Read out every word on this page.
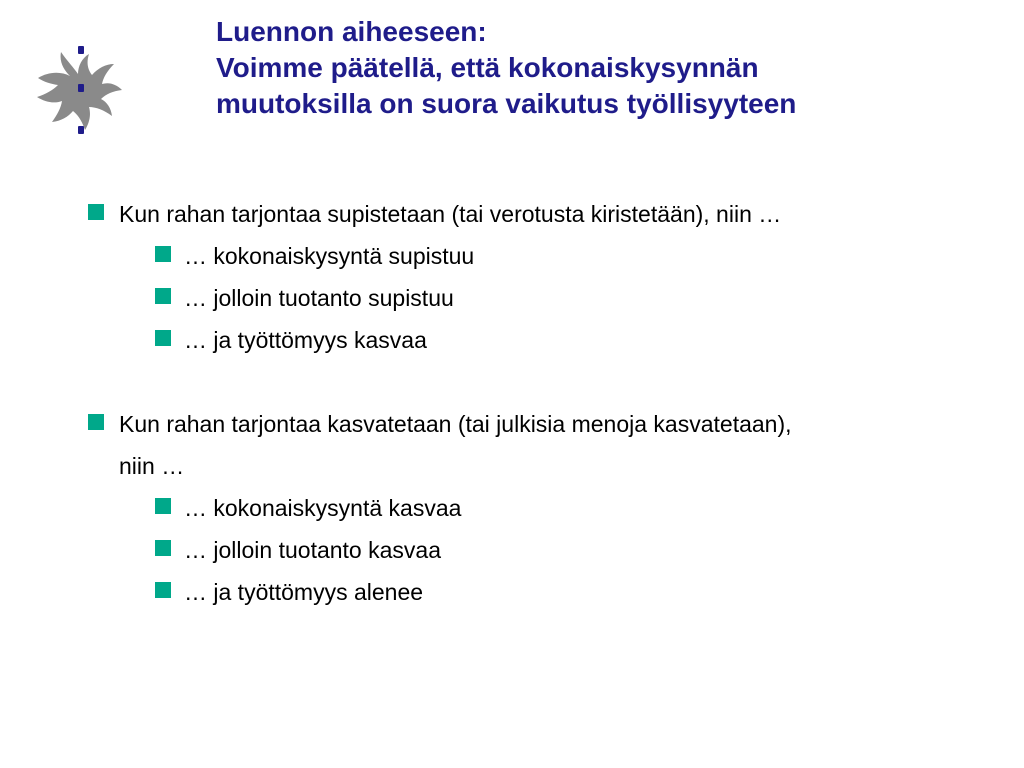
Luennon aiheeseen:
Voimme päätellä, että kokonaiskysynnän
muutoksilla on suora vaikutus työllisyyteen
Kun rahan tarjontaa supistetaan (tai verotusta kiristetään), niin …
… kokonaiskysyntä supistuu
… jolloin tuotanto supistuu
… ja työttömyys kasvaa
Kun rahan tarjontaa kasvatetaan (tai julkisia menoja kasvatetaan),
niin …
… kokonaiskysyntä kasvaa
… jolloin tuotanto kasvaa
… ja työttömyys alenee
